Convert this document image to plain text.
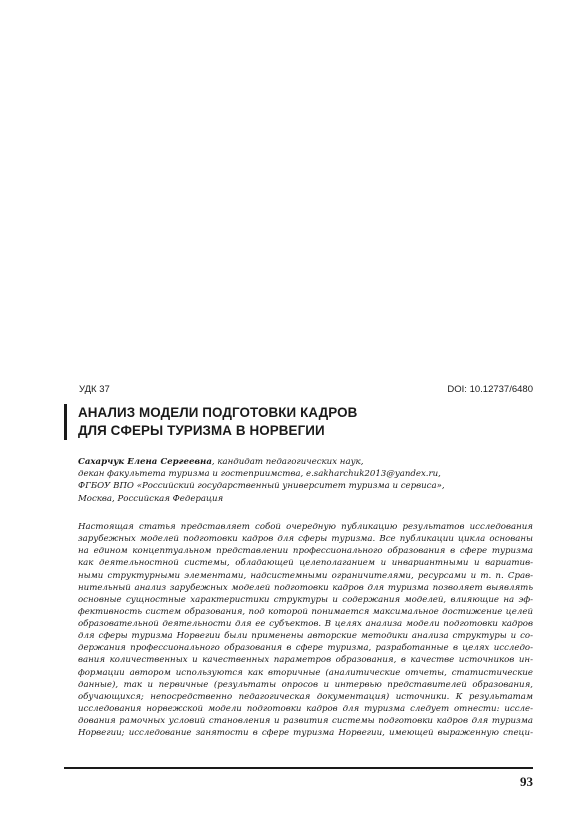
УДК 37	DOI: 10.12737/6480
АНАЛИЗ МОДЕЛИ ПОДГОТОВКИ КАДРОВ
ДЛЯ СФЕРЫ ТУРИЗМА В НОРВЕГИИ
Сахарчук Елена Сергеевна, кандидат педагогических наук,
декан факультета туризма и гостеприимства, e.sakharchuk2013@yandex.ru,
ФГБОУ ВПО «Российский государственный университет туризма и сервиса»,
Москва, Российская Федерация
Настоящая статья представляет собой очередную публикацию результатов исследования
зарубежных моделей подготовки кадров для сферы туризма. Все публикации цикла основаны
на едином концептуальном представлении профессионального образования в сфере туризма
как деятельностной системы, обладающей целеполаганием и инвариантными и вариатив-
ными структурными элементами, надсистемными ограничителями, ресурсами и т. п. Срав-
нительный анализ зарубежных моделей подготовки кадров для туризма позволяет выявлять
основные сущностные характеристики структуры и содержания моделей, влияющие на эф-
фективность систем образования, под которой понимается максимальное достижение целей
образовательной деятельности для ее субъектов. В целях анализа модели подготовки кадров
для сферы туризма Норвегии были применены авторские методики анализа структуры и со-
держания профессионального образования в сфере туризма, разработанные в целях исследо-
вания количественных и качественных параметров образования, в качестве источников ин-
формации автором используются как вторичные (аналитические отчеты, статистические
данные), так и первичные (результаты опросов и интервью представителей образования,
обучающихся; непосредственно педагогическая документация) источники. К результатам
исследования норвежской модели подготовки кадров для туризма следует отнести: иссле-
дования рамочных условий становления и развития системы подготовки кадров для туризма
Норвегии; исследование занятости в сфере туризма Норвегии, имеющей выраженную специ-
93
